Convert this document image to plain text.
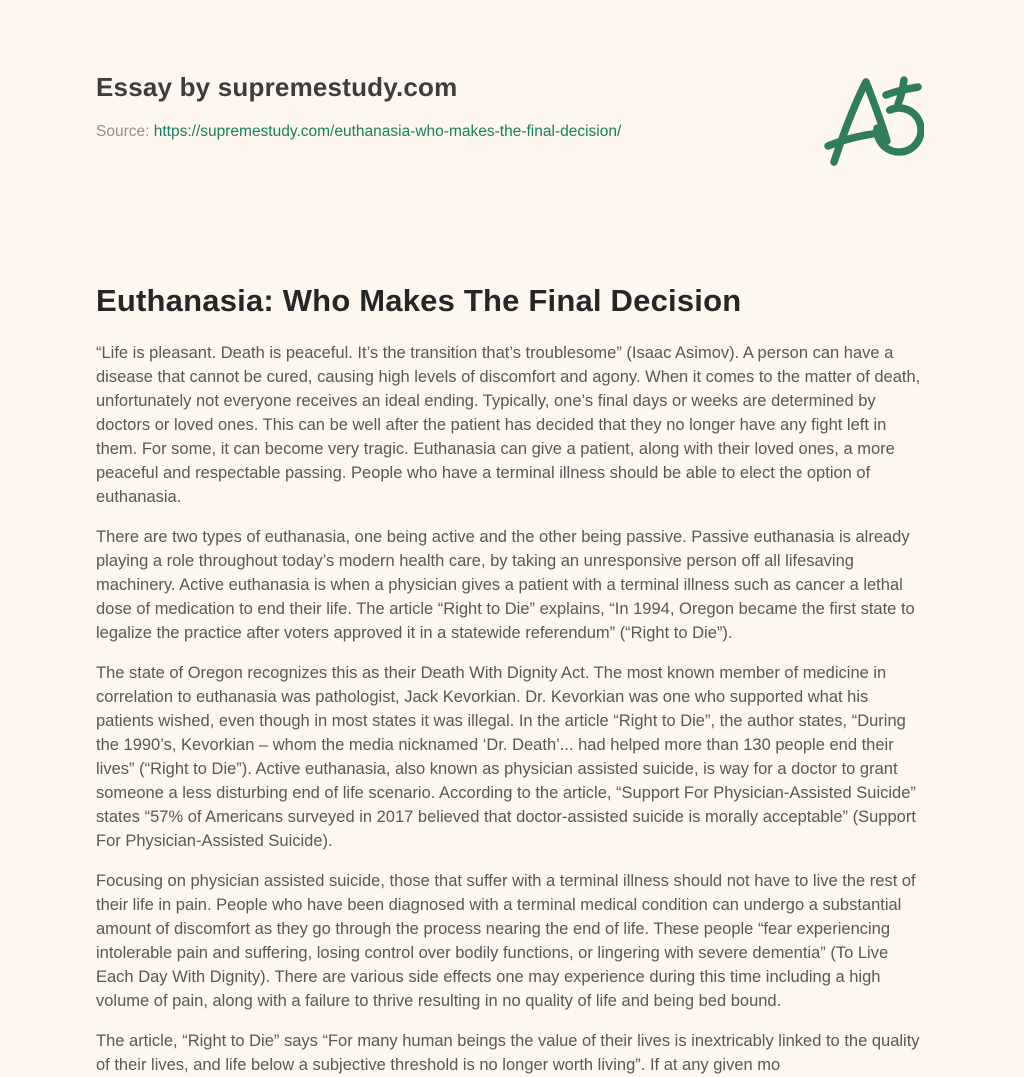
Essay by supremestudy.com
Source: https://supremestudy.com/euthanasia-who-makes-the-final-decision/
Euthanasia: Who Makes The Final Decision

“Life is pleasant. Death is peaceful. It’s the transition that’s troublesome” (Isaac Asimov). A person can have a disease that cannot be cured, causing high levels of discomfort and agony. When it comes to the matter of death, unfortunately not everyone receives an ideal ending. Typically, one’s final days or weeks are determined by doctors or loved ones. This can be well after the patient has decided that they no longer have any fight left in them. For some, it can become very tragic. Euthanasia can give a patient, along with their loved ones, a more peaceful and respectable passing. People who have a terminal illness should be able to elect the option of euthanasia.

There are two types of euthanasia, one being active and the other being passive. Passive euthanasia is already playing a role throughout today’s modern health care, by taking an unresponsive person off all lifesaving machinery. Active euthanasia is when a physician gives a patient with a terminal illness such as cancer a lethal dose of medication to end their life. The article “Right to Die” explains, “In 1994, Oregon became the first state to legalize the practice after voters approved it in a statewide referendum” (“Right to Die”).

The state of Oregon recognizes this as their Death With Dignity Act. The most known member of medicine in correlation to euthanasia was pathologist, Jack Kevorkian. Dr. Kevorkian was one who supported what his patients wished, even though in most states it was illegal. In the article “Right to Die”, the author states, “During the 1990’s, Kevorkian – whom the media nicknamed ‘Dr. Death’... had helped more than 130 people end their lives” (“Right to Die”). Active euthanasia, also known as physician assisted suicide, is way for a doctor to grant someone a less disturbing end of life scenario. According to the article, “Support For Physician-Assisted Suicide” states “57% of Americans surveyed in 2017 believed that doctor-assisted suicide is morally acceptable” (Support For Physician-Assisted Suicide).

Focusing on physician assisted suicide, those that suffer with a terminal illness should not have to live the rest of their life in pain. People who have been diagnosed with a terminal medical condition can undergo a substantial amount of discomfort as they go through the process nearing the end of life. These people “fear experiencing intolerable pain and suffering, losing control over bodily functions, or lingering with severe dementia” (To Live Each Day With Dignity). There are various side effects one may experience during this time including a high volume of pain, along with a failure to thrive resulting in no quality of life and being bed bound.

The article, “Right to Die” says “For many human beings the value of their lives is inextricably linked to the quality of their lives, and life below a subjective threshold is no longer worth living”. If at any given mo
